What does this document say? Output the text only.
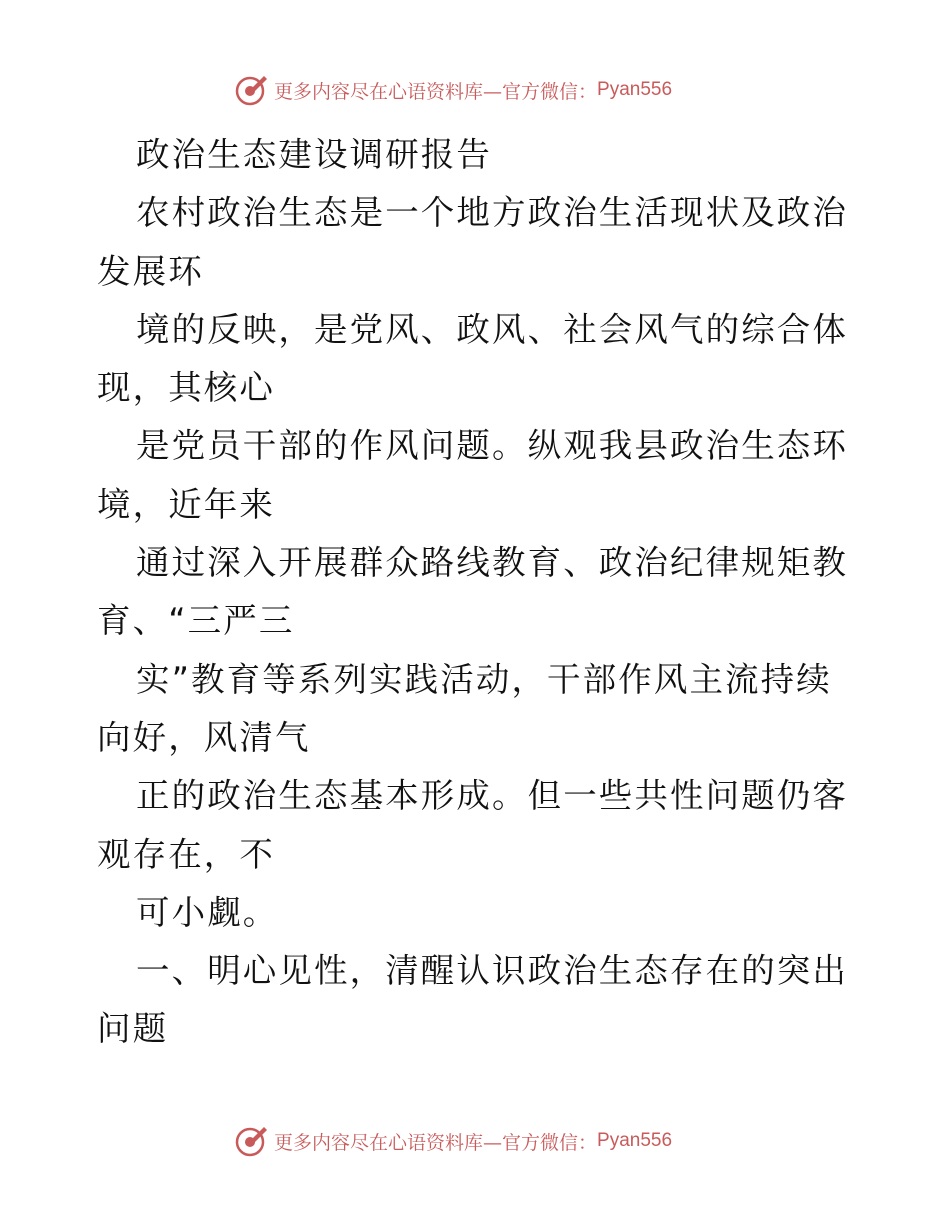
更多内容尽在心语资料库—官方微信： Pyan556

政治生态建设调研报告

农村政治生态是一个地方政治生活现状及政治发展环

境的反映，是党风、政风、社会风气的综合体现，其核心

是党员干部的作风问题。纵观我县政治生态环境，近年来

通过深入开展群众路线教育、政治纪律规矩教育、“三严三

实”教育等系列实践活动，干部作风主流持续向好，风清气

正的政治生态基本形成。但一些共性问题仍客观存在，不

可小觑。

一、明心见性，清醒认识政治生态存在的突出问题

更多内容尽在心语资料库—官方微信： Pyan556
